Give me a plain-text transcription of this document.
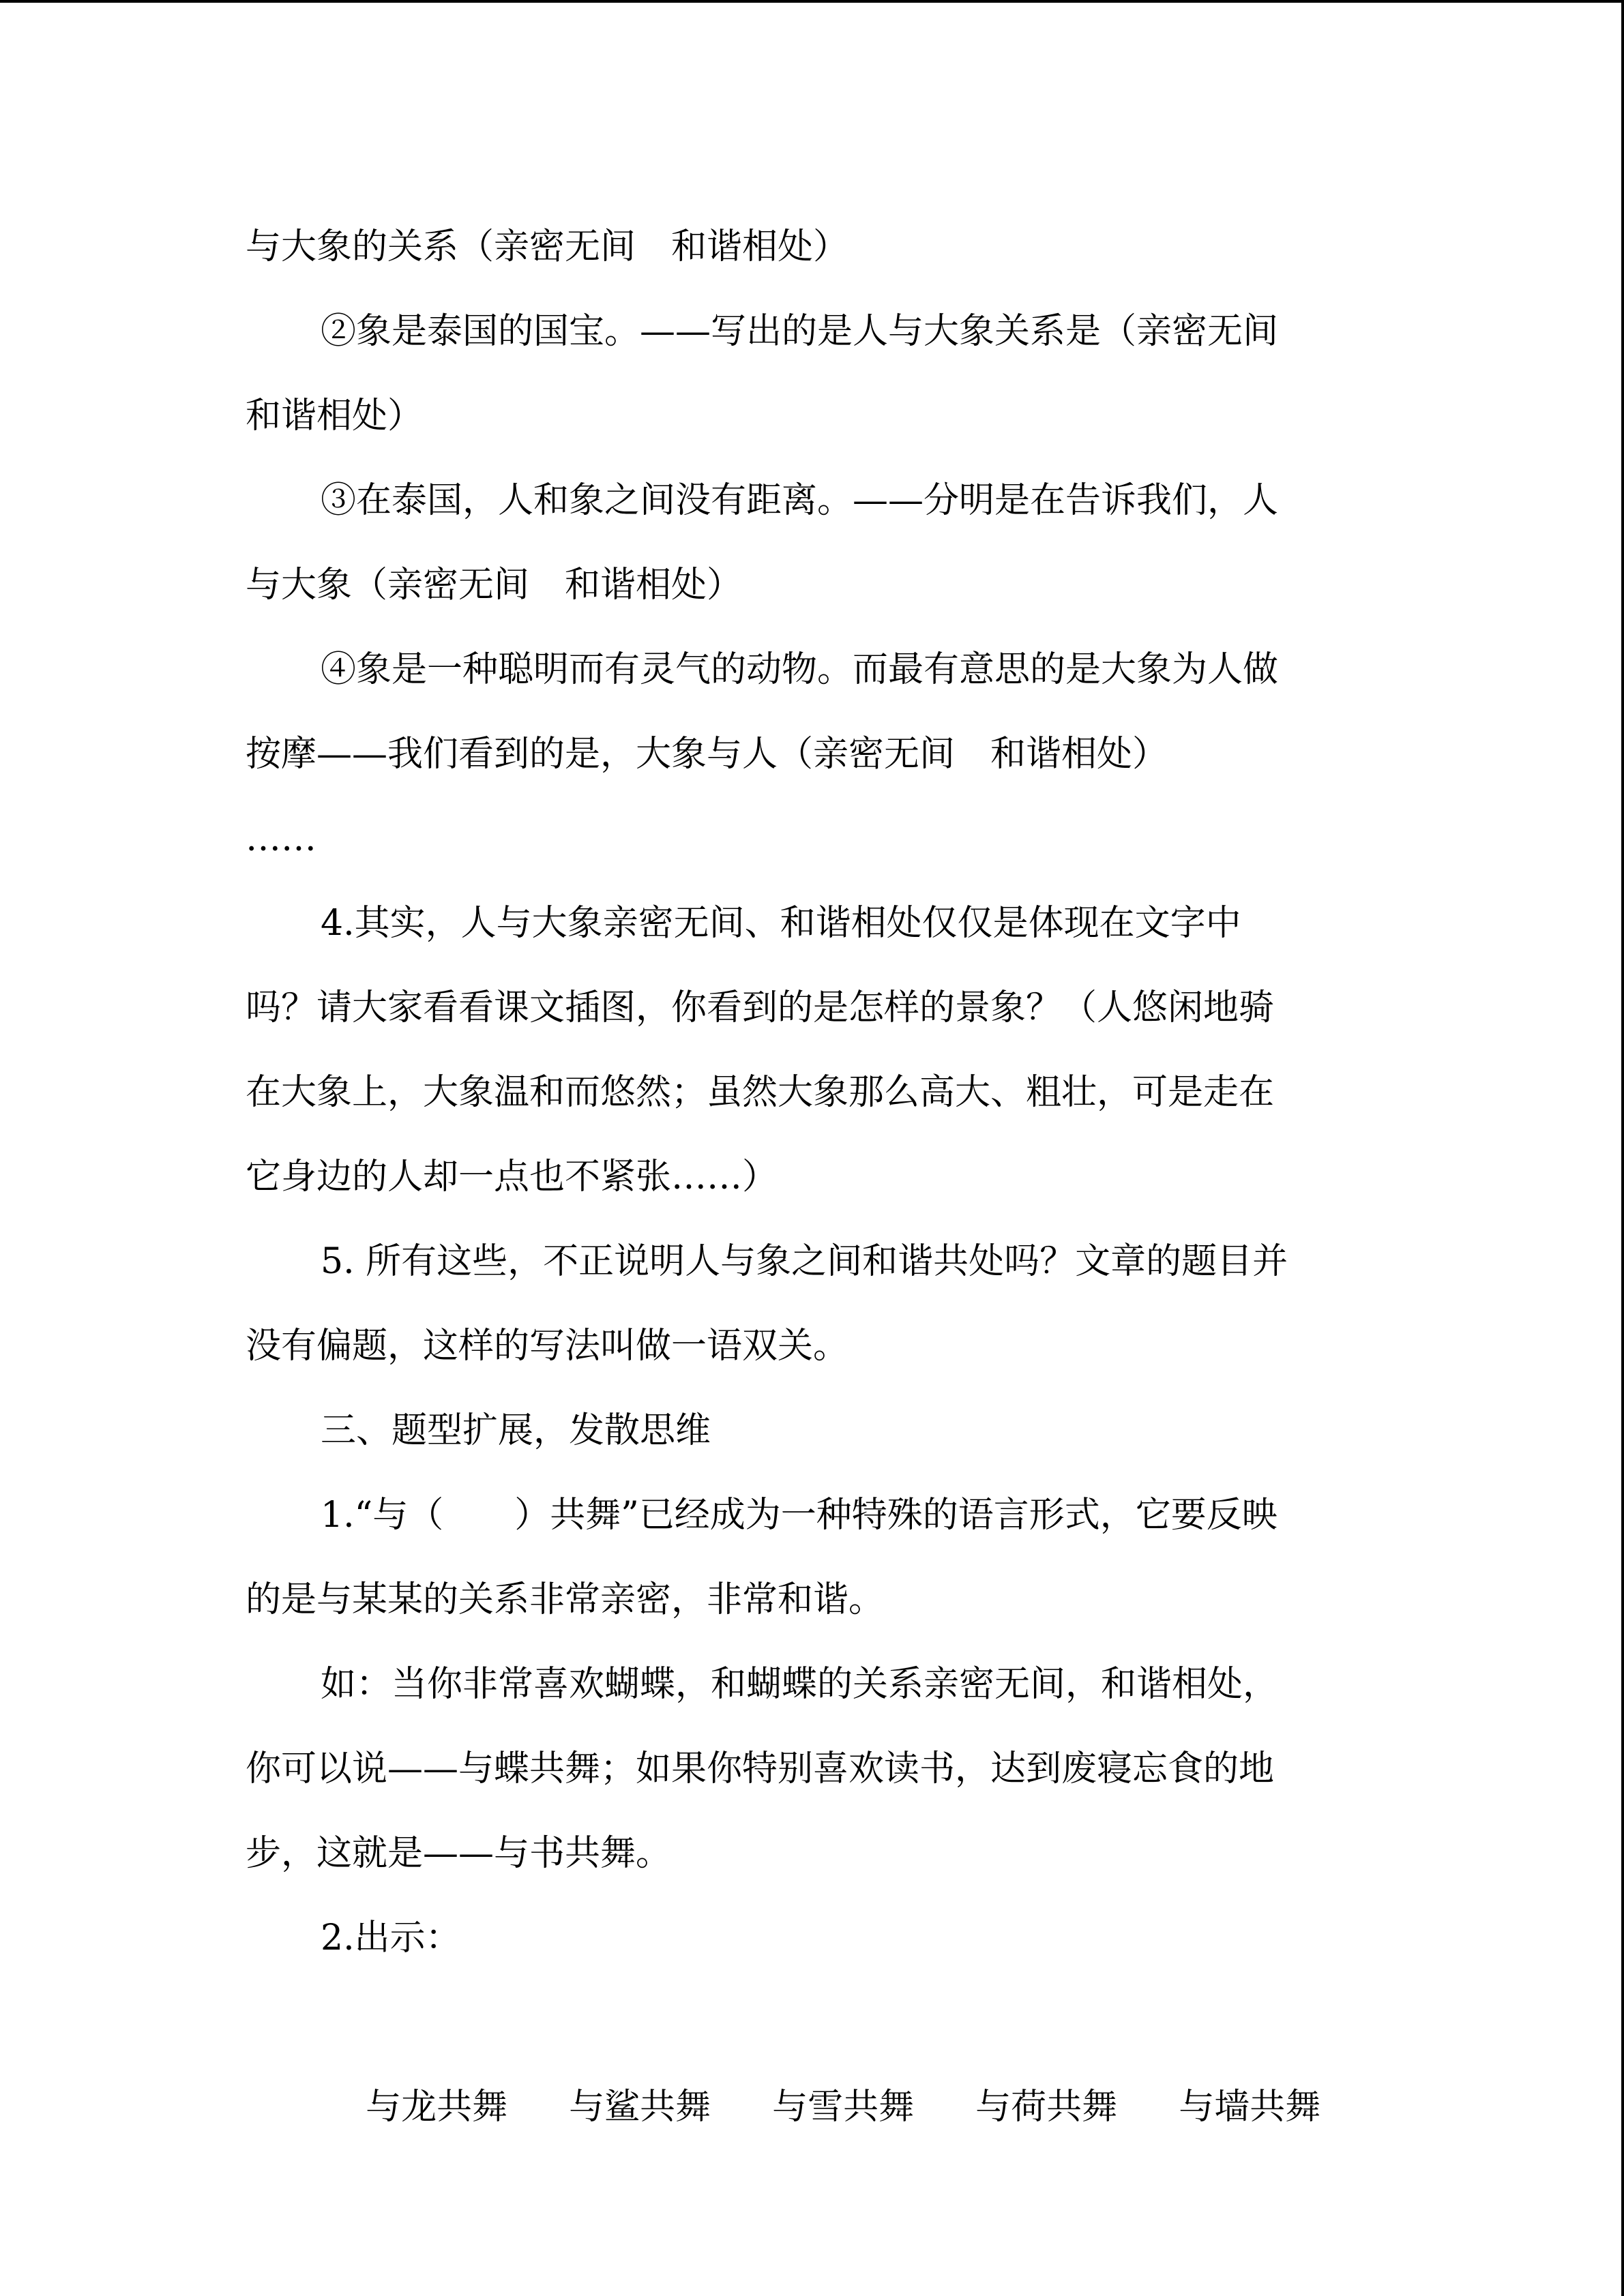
与大象的关系（亲密无间　和谐相处）
②象是泰国的国宝。——写出的是人与大象关系是（亲密无间
和谐相处）
③在泰国，人和象之间没有距离。——分明是在告诉我们，人
与大象（亲密无间　和谐相处）
④象是一种聪明而有灵气的动物。而最有意思的是大象为人做
按摩——我们看到的是，大象与人（亲密无间　和谐相处）
……
4.其实，人与大象亲密无间、和谐相处仅仅是体现在文字中
吗？请大家看看课文插图，你看到的是怎样的景象？（人悠闲地骑
在大象上，大象温和而悠然；虽然大象那么高大、粗壮，可是走在
它身边的人却一点也不紧张……）
5. 所有这些，不正说明人与象之间和谐共处吗？文章的题目并
没有偏题，这样的写法叫做一语双关。
三、题型扩展，发散思维
1.“与（　　）共舞”已经成为一种特殊的语言形式，它要反映
的是与某某的关系非常亲密，非常和谐。
如：当你非常喜欢蝴蝶，和蝴蝶的关系亲密无间，和谐相处，
你可以说——与蝶共舞；如果你特别喜欢读书，达到废寝忘食的地
步，这就是——与书共舞。
2.出示：

与龙共舞 与鲨共舞 与雪共舞 与荷共舞 与墙共舞
